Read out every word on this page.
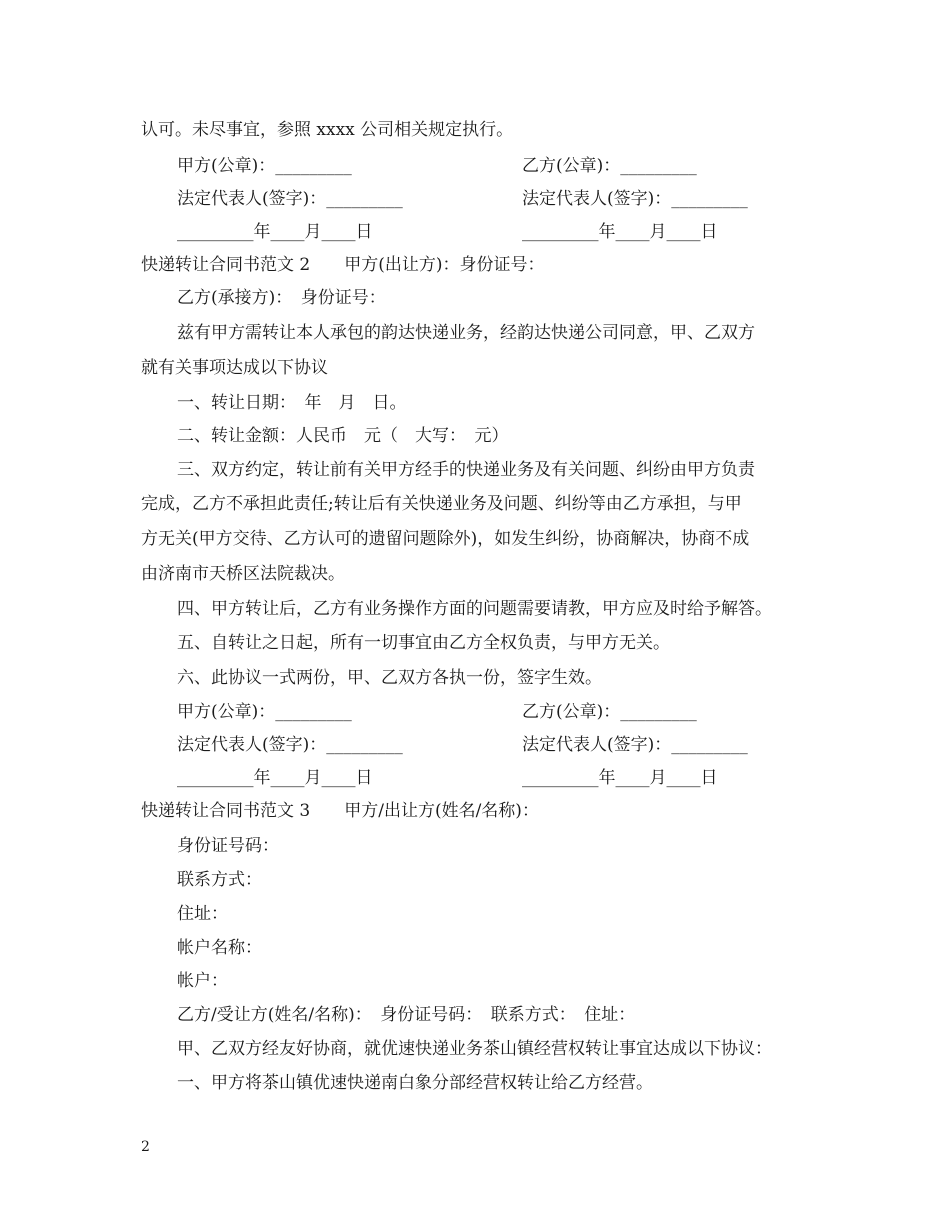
认可。未尽事宜，参照 xxxx 公司相关规定执行。
甲方(公章)：_________	乙方(公章)：_________
法定代表人(签字)：_________	法定代表人(签字)：_________
_________年____月____日	_________年____月____日
快递转让合同书范文 2　　甲方(出让方)：身份证号：
乙方(承接方)：　身份证号：
兹有甲方需转让本人承包的韵达快递业务，经韵达快递公司同意，甲、乙双方
就有关事项达成以下协议
一、转让日期：　年　月　日。
二、转让金额：人民币　元（　大写：　元）
三、双方约定，转让前有关甲方经手的快递业务及有关问题、纠纷由甲方负责
完成，乙方不承担此责任;转让后有关快递业务及问题、纠纷等由乙方承担，与甲
方无关(甲方交待、乙方认可的遗留问题除外)，如发生纠纷，协商解决，协商不成
由济南市天桥区法院裁决。
四、甲方转让后，乙方有业务操作方面的问题需要请教，甲方应及时给予解答。
五、自转让之日起，所有一切事宜由乙方全权负责，与甲方无关。
六、此协议一式两份，甲、乙双方各执一份，签字生效。
甲方(公章)：_________	乙方(公章)：_________
法定代表人(签字)：_________	法定代表人(签字)：_________
_________年____月____日	_________年____月____日
快递转让合同书范文 3　　甲方/出让方(姓名/名称)：
身份证号码：
联系方式：
住址：
帐户名称：
帐户：
乙方/受让方(姓名/名称)：　身份证号码：　联系方式：　住址：
甲、乙双方经友好协商，就优速快递业务茶山镇经营权转让事宜达成以下协议：
一、甲方将茶山镇优速快递南白象分部经营权转让给乙方经营。
2
